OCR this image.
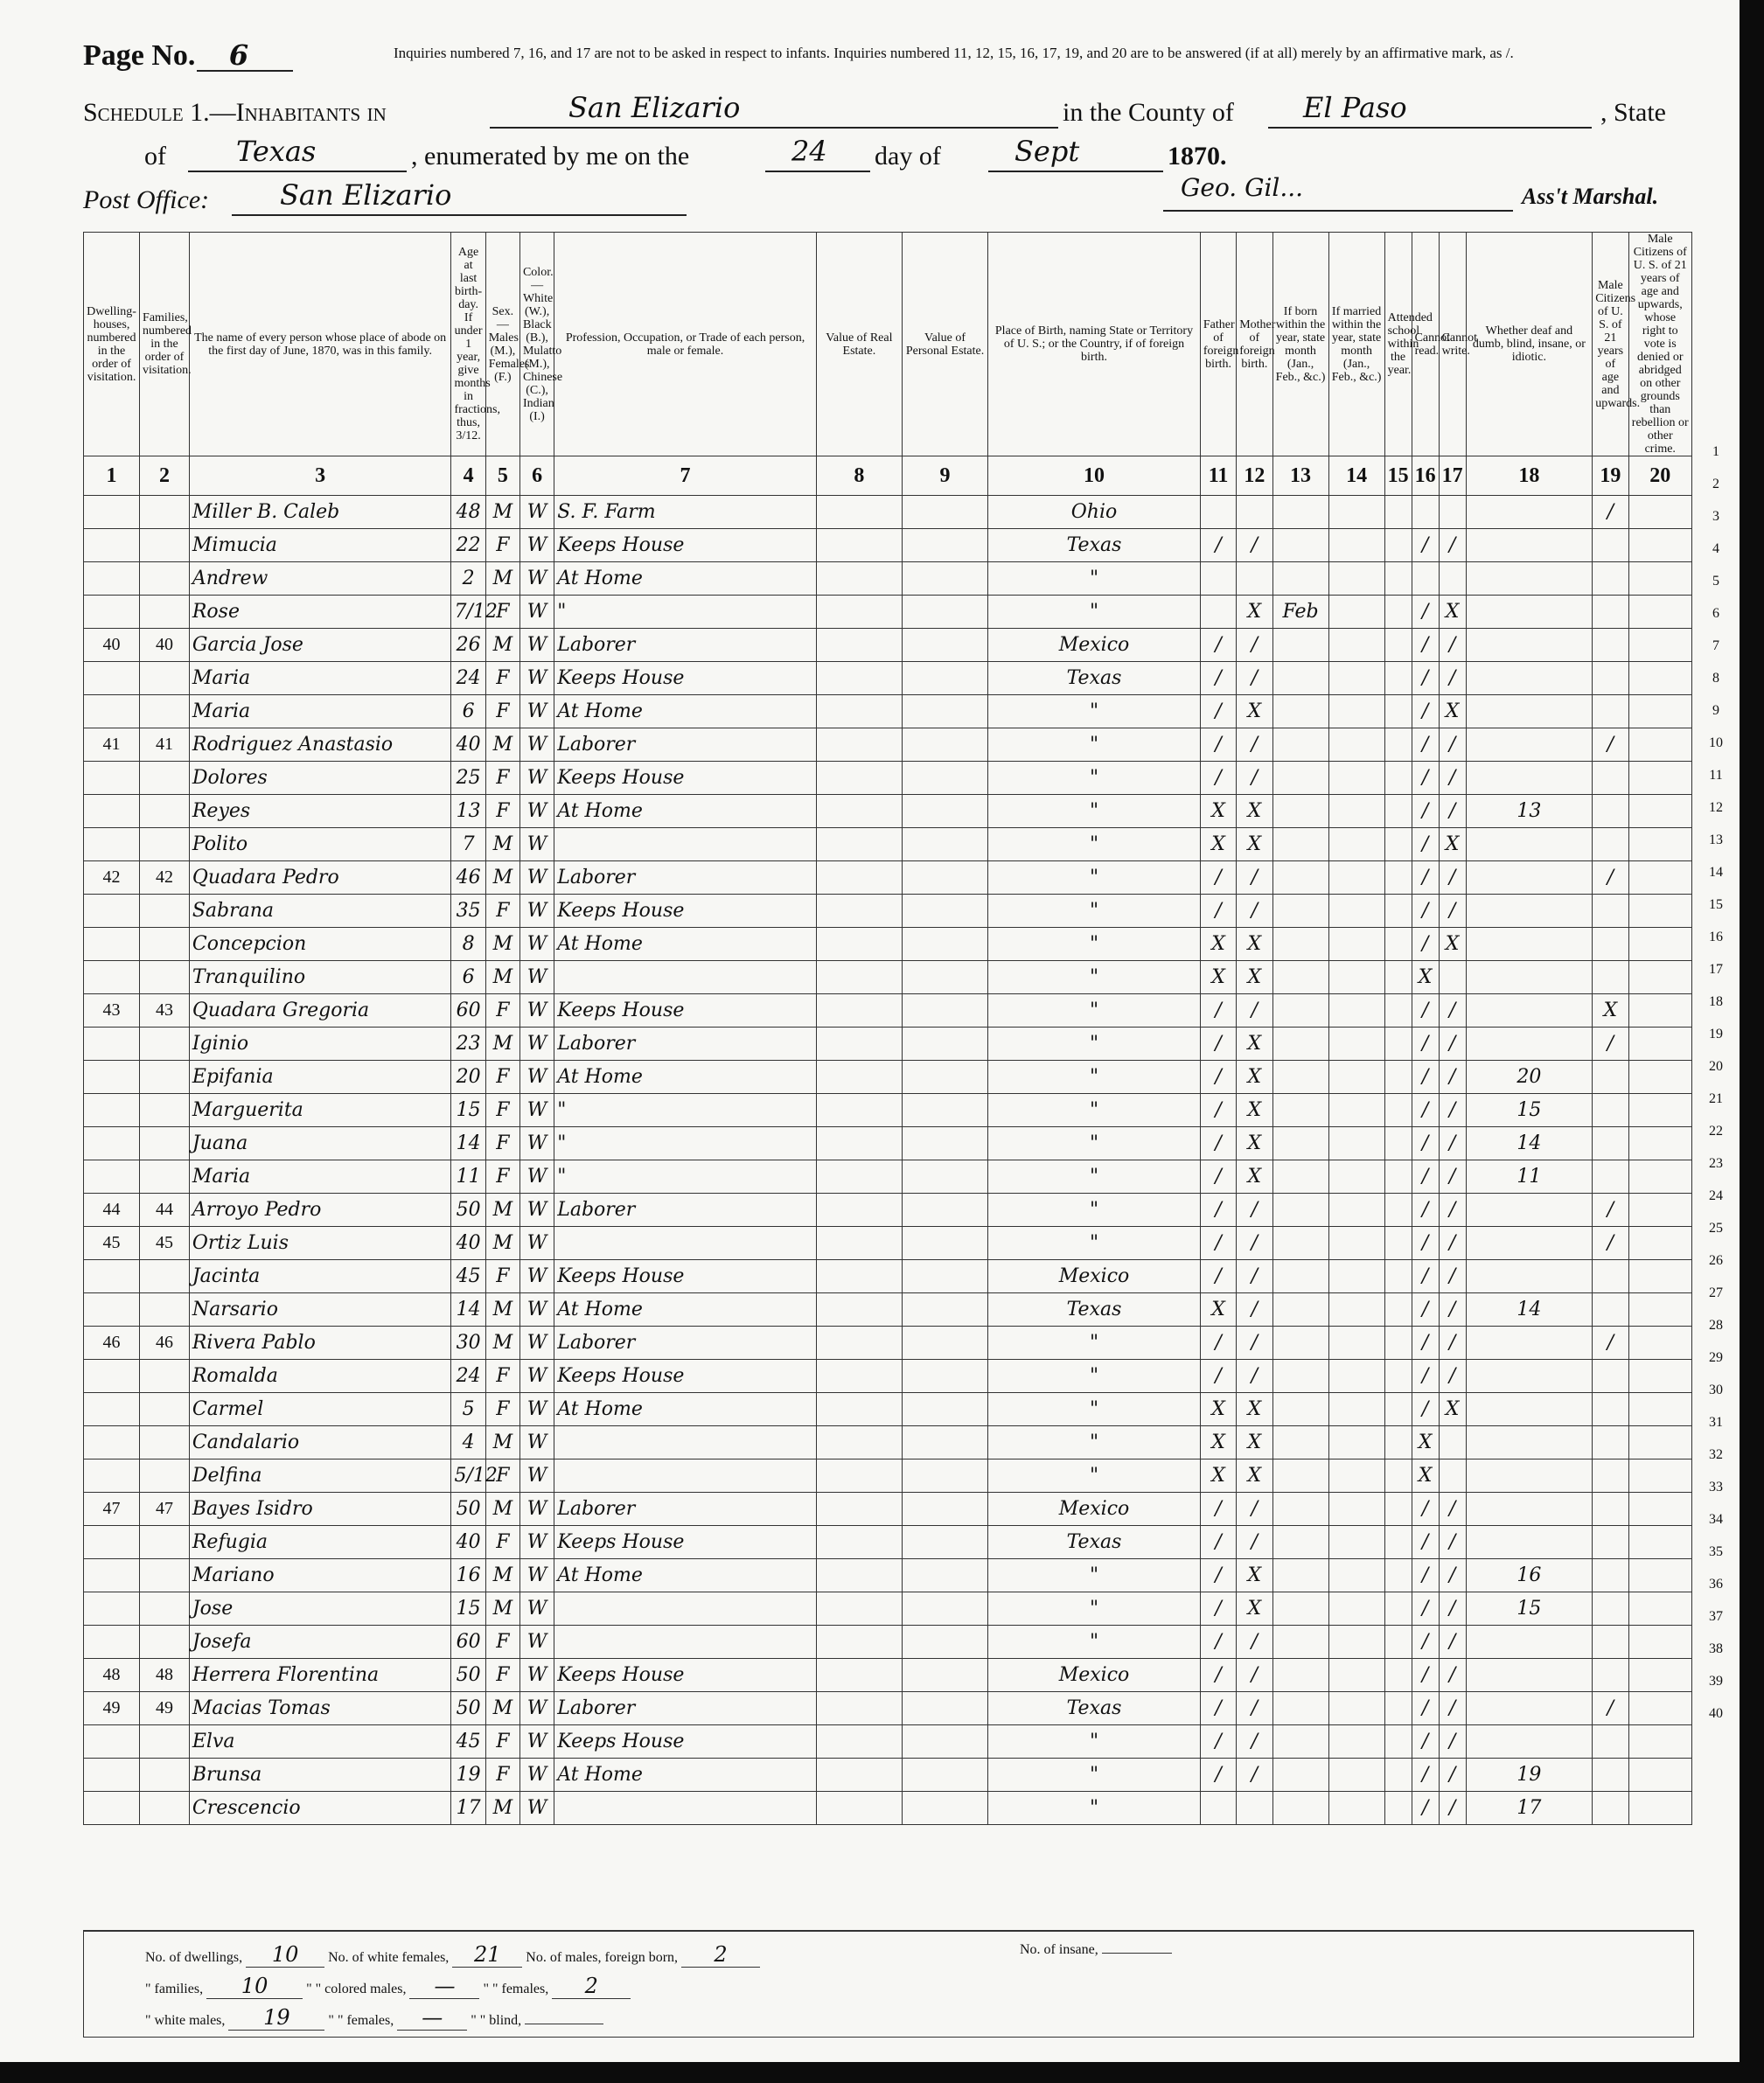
Page No. 6	Inquiries numbered 7, 16, and 17 are not to be asked in respect to infants. Inquiries numbered 11, 12, 15, 16, 17, 19, and 20 are to be answered (if at all) merely by an affirmative mark, as /.
Schedule 1.—Inhabitants in	San Elizario	in the County of El Paso	, State
of	Texas	, enumerated by me on the	24 day of	Sept	1870.
Post Office:	San Elizario	Geo. Gil...	Ass't Marshal.
Dwelling-houses, numbered in the order of visitation.	Families, numbered in the order of visitation.	The name of every person whose place of abode on the first day of June, 1870, was in this family.	Age at last birth-day. If under 1 year, give months in fractions, thus, 3/12.	Sex.—Males (M.), Females (F.)	Color.—White (W.), Black (B.), Mulatto (M.), Chinese (C.), Indian (I.)	Profession, Occupation, or Trade of each person, male or female.	Value of Real Estate.	Value of Personal Estate.	Place of Birth, naming State or Territory of U. S.; or the Country, if of foreign birth.	Father of foreign birth.	Mother of foreign birth.	If born within the year, state month (Jan., Feb., &c.)	If married within the year, state month (Jan., Feb., &c.)	Attended school within the year.	Cannot read.	Cannot write.	Whether deaf and dumb, blind, insane, or idiotic.	Male Citizens of U. S. of 21 years of age and upwards.	Male Citizens of U. S. of 21 years of age and upwards, whose right to vote is denied or abridged on other grounds than rebellion or other crime.
1	2	3	4	5	6	7	8	9	10	11	12	13	14	15	16	17	18	19	20
		Miller B. Caleb	48	M	W	S. F. Farm			Ohio									/	
		Mimucia	22	F	W	Keeps House			Texas	/	/				/	/			
		Andrew	2	M	W	At Home			"										
		Rose	7/12	F	W	"			"		X	Feb			/	X			
40	40	Garcia Jose	26	M	W	Laborer			Mexico	/	/				/	/			
		Maria	24	F	W	Keeps House			Texas	/	/				/	/			
		Maria	6	F	W	At Home			"	/	X				/	X			
41	41	Rodriguez Anastasio	40	M	W	Laborer			"	/	/				/	/		/	
		Dolores	25	F	W	Keeps House			"	/	/				/	/			
		Reyes	13	F	W	At Home			"	X	X				/	/	13		
		Polito	7	M	W				"	X	X				/	X			
42	42	Quadara Pedro	46	M	W	Laborer			"	/	/				/	/		/	
		Sabrana	35	F	W	Keeps House			"	/	/				/	/			
		Concepcion	8	M	W	At Home			"	X	X				/	X			
		Tranquilino	6	M	W				"	X	X				X				
43	43	Quadara Gregoria	60	F	W	Keeps House			"	/	/				/	/		X	
		Iginio	23	M	W	Laborer			"	/	X				/	/		/	
		Epifania	20	F	W	At Home			"	/	X				/	/	20		
		Marguerita	15	F	W	"			"	/	X				/	/	15		
		Juana	14	F	W	"			"	/	X				/	/	14		
		Maria	11	F	W	"			"	/	X				/	/	11		
44	44	Arroyo Pedro	50	M	W	Laborer			"	/	/				/	/		/	
45	45	Ortiz Luis	40	M	W				"	/	/				/	/		/	
		Jacinta	45	F	W	Keeps House			Mexico	/	/				/	/			
		Narsario	14	M	W	At Home			Texas	X	/				/	/	14		
46	46	Rivera Pablo	30	M	W	Laborer			"	/	/				/	/		/	
		Romalda	24	F	W	Keeps House			"	/	/				/	/			
		Carmel	5	F	W	At Home			"	X	X				/	X			
		Candalario	4	M	W				"	X	X				X				
		Delfina	5/12	F	W				"	X	X				X				
47	47	Bayes Isidro	50	M	W	Laborer			Mexico	/	/				/	/			
		Refugia	40	F	W	Keeps House			Texas	/	/				/	/			
		Mariano	16	M	W	At Home			"	/	X				/	/	16		
		Jose	15	M	W				"	/	X				/	/	15		
		Josefa	60	F	W				"	/	/				/	/			
48	48	Herrera Florentina	50	F	W	Keeps House			Mexico	/	/				/	/			
49	49	Macias Tomas	50	M	W	Laborer			Texas	/	/				/	/		/	
		Elva	45	F	W	Keeps House			"	/	/				/	/			
		Brunsa	19	F	W	At Home			"	/	/				/	/	19		
		Crescencio	17	M	W				"						/	/	17		
No. of dwellings, 10 No. of white females, 21 No. of males, foreign born, 2
" families, 10	" " colored males, — " " females, 2
" white males, 19	" " females, — " " blind,
No. of insane,
1
2
3
4
5
6
7
8
9
10
11
12
13
14
15
16
17
18
19
20
21
22
23
24
25
26
27
28
29
30
31
32
33
34
35
36
37
38
39
40
